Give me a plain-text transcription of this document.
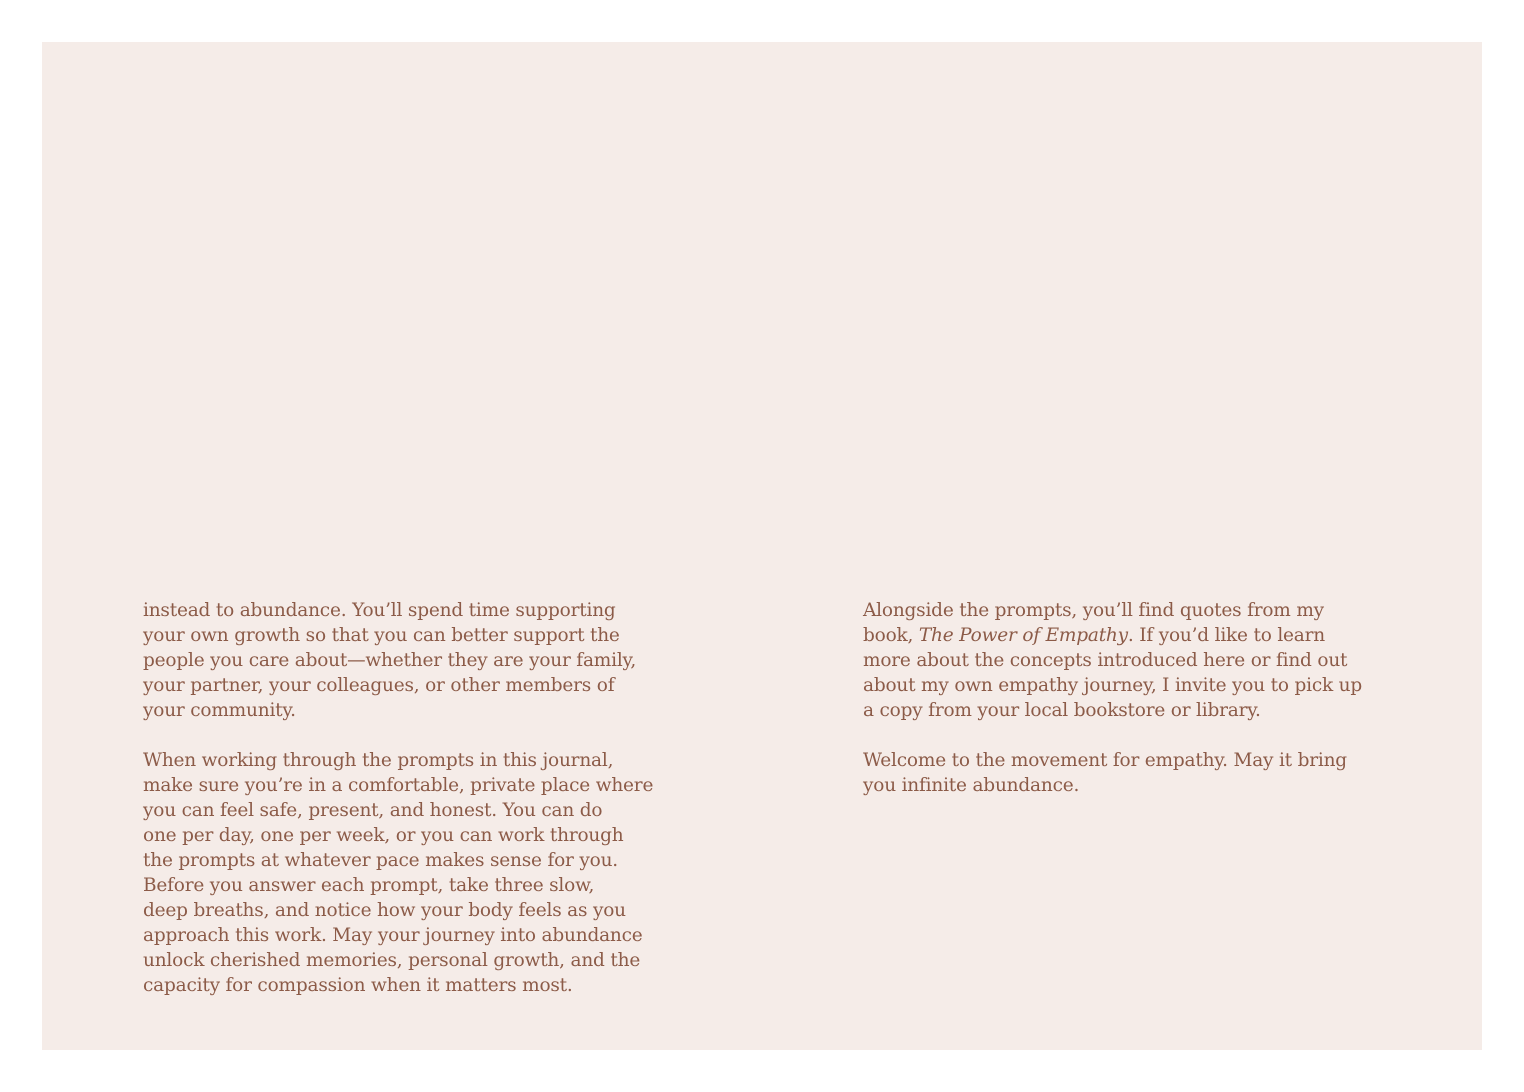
instead to abundance. You’ll spend time supporting
your own growth so that you can better support the
people you care about—whether they are your family,
your partner, your colleagues, or other members of
your community.

When working through the prompts in this journal,
make sure you’re in a comfortable, private place where
you can feel safe, present, and honest. You can do
one per day, one per week, or you can work through
the prompts at whatever pace makes sense for you.
Before you answer each prompt, take three slow,
deep breaths, and notice how your body feels as you
approach this work. May your journey into abundance
unlock cherished memories, personal growth, and the
capacity for compassion when it matters most.

Alongside the prompts, you’ll find quotes from my
book, The Power of Empathy. If you’d like to learn
more about the concepts introduced here or find out
about my own empathy journey, I invite you to pick up
a copy from your local bookstore or library.

Welcome to the movement for empathy. May it bring
you infinite abundance.
